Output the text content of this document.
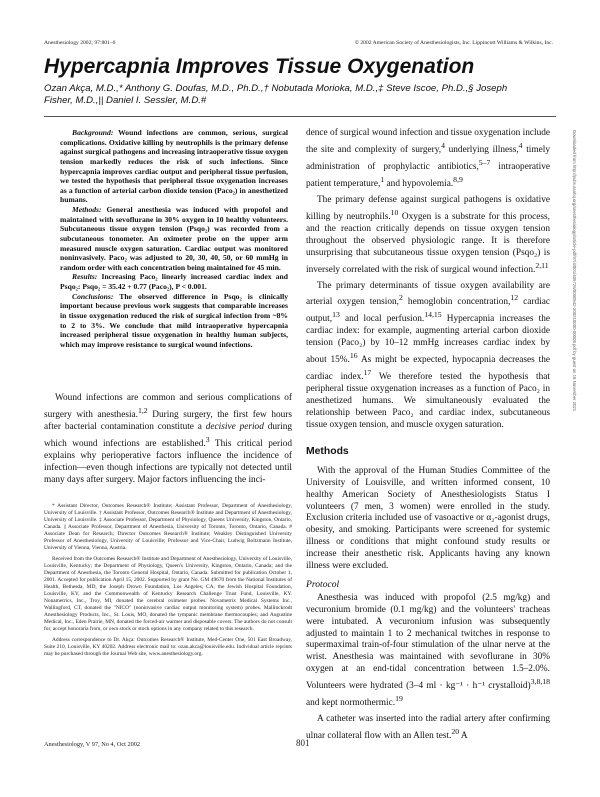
Anesthesiology 2002; 97:801–6	© 2002 American Society of Anesthesiologists, Inc. Lippincott Williams & Wilkins, Inc.
Hypercapnia Improves Tissue Oxygenation

Ozan Akça, M.D.,* Anthony G. Doufas, M.D., Ph.D.,† Nobutada Morioka, M.D.,‡ Steve Iscoe, Ph.D.,§ Joseph Fisher, M.D.,|| Daniel I. Sessler, M.D.#

Background: Wound infections are common, serious, surgical complications. Oxidative killing by neutrophils is the primary defense against surgical pathogens and increasing intraoperative tissue oxygen tension markedly reduces the risk of such infections. Since hypercapnia improves cardiac output and peripheral tissue perfusion, we tested the hypothesis that peripheral tissue oxygenation increases as a function of arterial carbon dioxide tension (Paco₂) in anesthetized humans.

Methods: General anesthesia was induced with propofol and maintained with sevoflurane in 30% oxygen in 10 healthy volunteers. Subcutaneous tissue oxygen tension (Psqo₂) was recorded from a subcutaneous tonometer. An oximeter probe on the upper arm measured muscle oxygen saturation. Cardiac output was monitored noninvasively. Paco₂ was adjusted to 20, 30, 40, 50, or 60 mmHg in random order with each concentration being maintained for 45 min.

Results: Increasing Paco₂ linearly increased cardiac index and Psqo₂: Psqo₂ = 35.42 + 0.77 (Paco₂), P < 0.001.

Conclusions: The observed difference in Psqo₂ is clinically important because previous work suggests that comparable increases in tissue oxygenation reduced the risk of surgical infection from ~8% to 2 to 3%. We conclude that mild intraoperative hypercapnia increased peripheral tissue oxygenation in healthy human subjects, which may improve resistance to surgical wound infections.

Wound infections are common and serious complications of surgery with anesthesia.$^{1,2}$ During surgery, the first few hours after bacterial contamination constitute a decisive period during which wound infections are established.$^3$ This critical period explains why perioperative factors influence the incidence of infection—even though infections are typically not detected until many days after surgery. Major factors influencing the inci-

* Assistant Director, Outcomes Research® Institute; Assistant Professor, Department of Anesthesiology, University of Louisville. † Assistant Professor, Outcomes Research® Institute and Department of Anesthesiology, University of Louisville. ‡ Associate Professor, Department of Physiology, Queens University, Kingston, Ontario, Canada. || Associate Professor, Department of Anesthesia, University of Toronto, Toronto, Ontario, Canada. # Associate Dean for Research; Director Outcomes Research® Institute; Weakley Distinguished University Professor of Anesthesiology, University of Louisville; Professor and Vice-Chair, Ludwig Boltzmann Institute, University of Vienna, Vienna, Austria.

Received from the Outcomes Research® Institute and Department of Anesthesiology, University of Louisville, Louisville, Kentucky; the Department of Physiology, Queen's University, Kingston, Ontario, Canada; and the Department of Anesthesia, the Toronto General Hospital, Ontario, Canada. Submitted for publication October 1, 2001. Accepted for publication April 15, 2002. Supported by grant No. GM 49670 from the National Institutes of Health, Bethesda, MD, the Joseph Drown Foundation, Los Angeles, CA, the Jewish Hospital Foundation, Louisville, KY, and the Commonwealth of Kentucky Research Challenge Trust Fund, Louisville, KY. Nonametrics, Inc., Troy, MI, donated the cerebral oximeter probes. Novametrix Medical Systems Inc., Wallingford, CT, donated the "NICO" (noninvasive cardiac output monitoring system) probes. Mallinckrodt Anesthesiology Products, Inc., St. Louis, MO, donated the tympanic membrane thermocouples; and Augustine Medical, Inc., Eden Prairie, MN, donated the forced-air warmer and disposable covers. The authors do not consult for, accept honoraria from, or own stock or stock options in any company related to this research.

Address correspondence to Dr. Akça: Outcomes Research® Institute, Med-Center One, 501 East Broadway, Suite 210, Louisville, KY 40202. Address electronic mail to: ozan.akca@louisville.edu. Individual article reprints may be purchased through the Journal Web site, www.anesthesiology.org.

dence of surgical wound infection and tissue oxygenation include the site and complexity of surgery,$^4$ underlying illness,$^4$ timely administration of prophylactic antibiotics,$^{5-7}$ intraoperative patient temperature,$^1$ and hypovolemia.$^{8,9}$

The primary defense against surgical pathogens is oxidative killing by neutrophils.$^{10}$ Oxygen is a substrate for this process, and the reaction critically depends on tissue oxygen tension throughout the observed physiologic range. It is therefore unsurprising that subcutaneous tissue oxygen tension (Psqo₂) is inversely correlated with the risk of surgical wound infection.$^{2,11}$

The primary determinants of tissue oxygen availability are arterial oxygen tension,$^2$ hemoglobin concentration,$^{12}$ cardiac output,$^{13}$ and local perfusion.$^{14,15}$ Hypercapnia increases the cardiac index: for example, augmenting arterial carbon dioxide tension (Paco₂) by 10–12 mmHg increases cardiac index by about 15%.$^{16}$ As might be expected, hypocapnia decreases the cardiac index.$^{17}$ We therefore tested the hypothesis that peripheral tissue oxygenation increases as a function of Paco₂ in anesthetized humans. We simultaneously evaluated the relationship between Paco₂ and cardiac index, subcutaneous tissue oxygen tension, and muscle oxygen saturation.

Methods

With the approval of the Human Studies Committee of the University of Louisville, and written informed consent, 10 healthy American Society of Anesthesiologists Status I volunteers (7 men, 3 women) were enrolled in the study. Exclusion criteria included use of vasoactive or α₂-agonist drugs, obesity, and smoking. Participants were screened for systemic illness or conditions that might confound study results or increase their anesthetic risk. Applicants having any known illness were excluded.

Protocol

Anesthesia was induced with propofol (2.5 mg/kg) and vecuronium bromide (0.1 mg/kg) and the volunteers' tracheas were intubated. A vecuronium infusion was subsequently adjusted to maintain 1 to 2 mechanical twitches in response to supermaximal train-of-four stimulation of the ulnar nerve at the wrist. Anesthesia was maintained with sevoflurane in 30% oxygen at an end-tidal concentration between 1.5–2.0%. Volunteers were hydrated (3–4 ml · kg⁻¹ · h⁻¹ crystalloid)$^{3,8,18}$ and kept normothermic.$^{19}$

A catheter was inserted into the radial artery after confirming ulnar collateral flow with an Allen test.$^{20}$ A

Downloaded from http://pubs.asahq.org/anesthesiology/article-pdf/97/4/801/405726/0000542-200210000-00008.pdf by guest on 18 November 2021
Anesthesiology, V 97, No 4, Oct 2002	801
